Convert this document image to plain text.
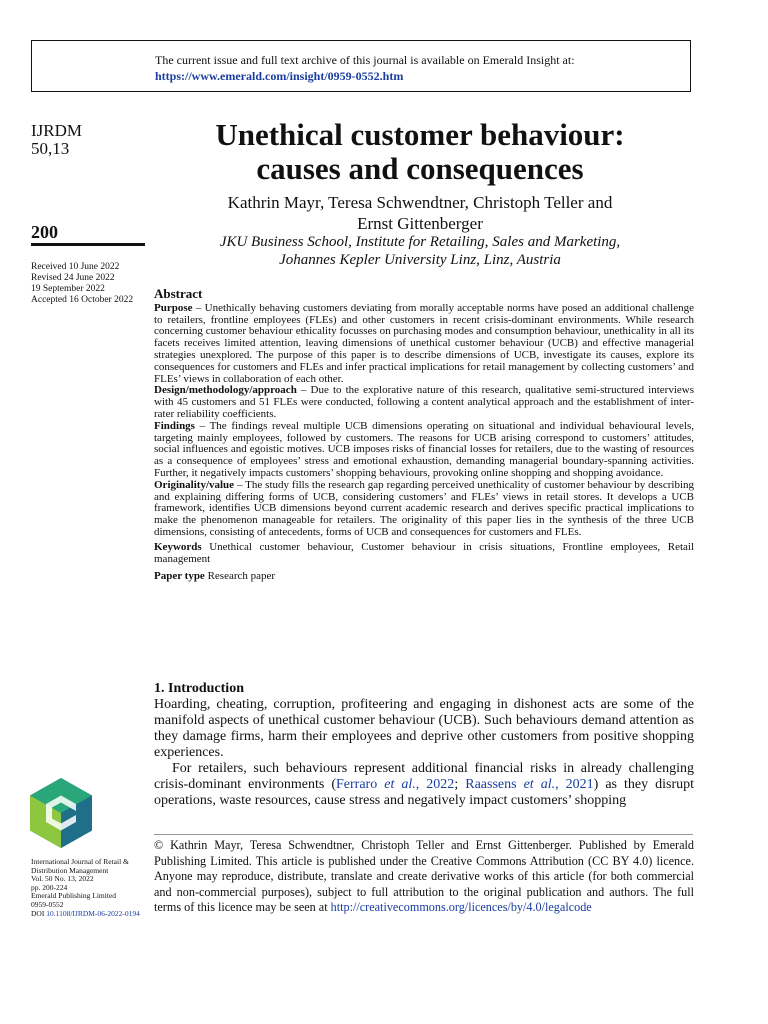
The current issue and full text archive of this journal is available on Emerald Insight at:
https://www.emerald.com/insight/0959-0552.htm
IJRDM
50,13
200
Received 10 June 2022
Revised 24 June 2022
19 September 2022
Accepted 16 October 2022
Unethical customer behaviour:
causes and consequences
Kathrin Mayr, Teresa Schwendtner, Christoph Teller and
Ernst Gittenberger
JKU Business School, Institute for Retailing, Sales and Marketing,
Johannes Kepler University Linz, Linz, Austria
Abstract

Purpose – Unethically behaving customers deviating from morally acceptable norms have posed an additional challenge to retailers, frontline employees (FLEs) and other customers in recent crisis-dominant environments. While research concerning customer behaviour ethicality focusses on purchasing modes and consumption behaviour, unethicality in all its facets receives limited attention, leaving dimensions of unethical customer behaviour (UCB) and effective managerial strategies unexplored. The purpose of this paper is to describe dimensions of UCB, investigate its causes, explore its consequences for customers and FLEs and infer practical implications for retail management by collecting customers’ and FLEs’ views in collaboration of each other.

Design/methodology/approach – Due to the explorative nature of this research, qualitative semi-structured interviews with 45 customers and 51 FLEs were conducted, following a content analytical approach and the establishment of inter-rater reliability coefficients.

Findings – The findings reveal multiple UCB dimensions operating on situational and individual behavioural levels, targeting mainly employees, followed by customers. The reasons for UCB arising correspond to customers’ attitudes, social influences and egoistic motives. UCB imposes risks of financial losses for retailers, due to the wasting of resources as a consequence of employees’ stress and emotional exhaustion, demanding managerial boundary-spanning activities. Further, it negatively impacts customers’ shopping behaviours, provoking online shopping and shopping avoidance.

Originality/value – The study fills the research gap regarding perceived unethicality of customer behaviour by describing and explaining differing forms of UCB, considering customers’ and FLEs’ views in retail stores. It develops a UCB framework, identifies UCB dimensions beyond current academic research and derives specific practical implications to make the phenomenon manageable for retailers. The originality of this paper lies in the synthesis of the three UCB dimensions, consisting of antecedents, forms of UCB and consequences for customers and FLEs.

Keywords Unethical customer behaviour, Customer behaviour in crisis situations, Frontline employees, Retail management

Paper type Research paper

1. Introduction
Hoarding, cheating, corruption, profiteering and engaging in dishonest acts are some of the manifold aspects of unethical customer behaviour (UCB). Such behaviours demand attention as they damage firms, harm their employees and deprive other customers from positive shopping experiences.
For retailers, such behaviours represent additional financial risks in already challenging crisis-dominant environments (Ferraro et al., 2022; Raassens et al., 2021) as they disrupt operations, waste resources, cause stress and negatively impact customers’ shopping
International Journal of Retail &
Distribution Management
Vol. 50 No. 13, 2022
pp. 200-224
Emerald Publishing Limited
0959-0552
DOI 10.1108/IJRDM-06-2022-0194
© Kathrin Mayr, Teresa Schwendtner, Christoph Teller and Ernst Gittenberger. Published by Emerald Publishing Limited. This article is published under the Creative Commons Attribution (CC BY 4.0) licence. Anyone may reproduce, distribute, translate and create derivative works of this article (for both commercial and non-commercial purposes), subject to full attribution to the original publication and authors. The full terms of this licence may be seen at http://creativecommons.org/licences/by/4.0/legalcode
